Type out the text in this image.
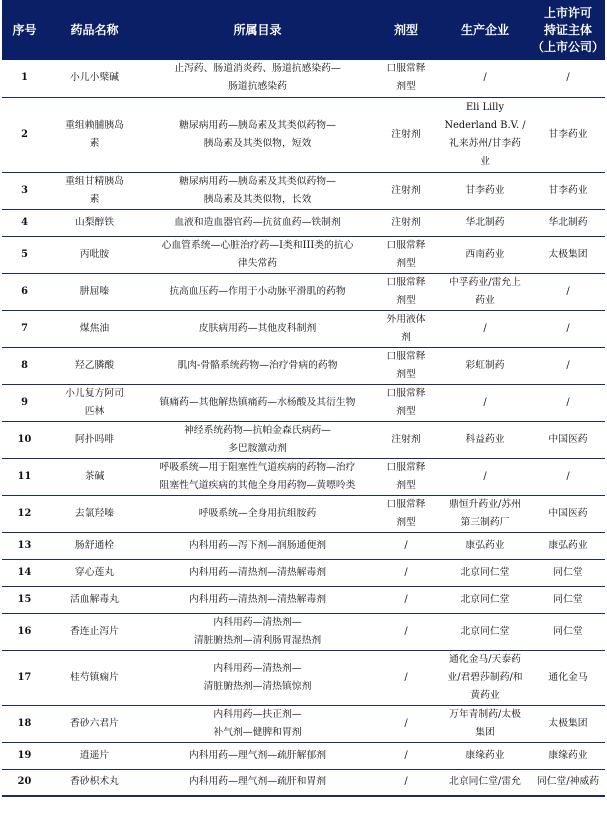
序号	药品名称	所属目录	剂型	生产企业	上市许可
持证主体
（上市公司）

1	小儿小檗碱	止泻药、肠道消炎药、肠道抗感染药—
肠道抗感染药	口服常释
剂型	/	/

2	重组赖脯胰岛
素	糖尿病用药—胰岛素及其类似药物—
胰岛素及其类似物，短效	注射剂	Eli Lilly
Nederland B.V. /
礼来苏州/甘李药
业	甘李药业

3	重组甘精胰岛
素	糖尿病用药—胰岛素及其类似药物—
胰岛素及其类似物，长效	注射剂	甘李药业	甘李药业

4	山梨醇铁	血液和造血器官药—抗贫血药—铁制剂	注射剂	华北制药	华北制药

5	丙吡胺	心血管系统—心脏治疗药—I类和III类的抗心
律失常药	口服常释
剂型	西南药业	太极集团

6	肼屈嗪	抗高血压药—作用于小动脉平滑肌的药物	口服常释
剂型	中孚药业/雷允上
药业	/

7	煤焦油	皮肤病用药—其他皮科制剂	外用液体
剂	/	/

8	羟乙膦酸	肌肉-骨骼系统药物—治疗骨病的药物	口服常释
剂型	彩虹制药	/

9	小儿复方阿司
匹林	镇痛药—其他解热镇痛药—水杨酸及其衍生物	口服常释
剂型	/	/

10	阿扑吗啡	神经系统药物—抗帕金森氏病药—
多巴胺激动剂	注射剂	科益药业	中国医药

11	茶碱	呼吸系统—用于阻塞性气道疾病的药物—治疗
阻塞性气道疾病的其他全身用药物—黄嘌呤类	口服常释
剂型	/	/

12	去氯羟嗪	呼吸系统—全身用抗组胺药	口服常释
剂型	鼎恒升药业/苏州
第三制药厂	中国医药

13	肠舒通栓	内科用药—泻下剂—润肠通便剂	/	康弘药业	康弘药业

14	穿心莲丸	内科用药—清热剂—清热解毒剂	/	北京同仁堂	同仁堂

15	活血解毒丸	内科用药—清热剂—清热解毒剂	/	北京同仁堂	同仁堂

16	香连止泻片	内科用药—清热剂—
清脏腑热剂—清利肠胃湿热剂	/	北京同仁堂	同仁堂

17	桂芍镇痫片	内科用药—清热剂—
清脏腑热剂—清热镇惊剂	/	通化金马/天泰药
业/君碧莎制药/和
黄药业	通化金马

18	香砂六君片	内科用药—扶正剂—
补气剂—健脾和胃剂	/	万年青制药/太极
集团	太极集团

19	逍遥片	内科用药—理气剂—疏肝解郁剂	/	康缘药业	康缘药业

20	香砂枳术丸	内科用药—理气剂—疏肝和胃剂	/	北京同仁堂/雷允	同仁堂/神威药
